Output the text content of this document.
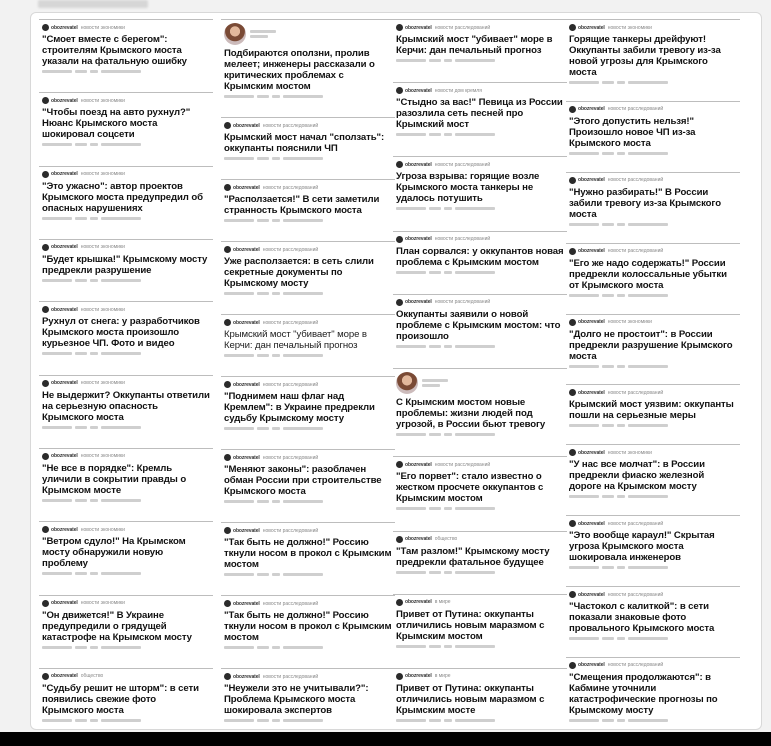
obozrevatel новости экономики

"Смоет вместе с берегом": строителям Крымского моста указали на фатальную ошибку

obozrevatel новости экономики

"Чтобы поезд на авто рухнул?" Нюанс Крымского моста шокировал соцсети

obozrevatel новости экономики

"Это ужасно": автор проектов Крымского моста предупредил об опасных нарушениях

obozrevatel новости экономики

"Будет крышка!" Крымскому мосту предрекли разрушение

obozrevatel новости экономики

Рухнул от снега: у разработчиков Крымского моста произошло курьезное ЧП. Фото и видео

obozrevatel новости экономики

Не выдержит? Оккупанты ответили на серьезную опасность Крымского моста

obozrevatel новости экономики

"Не все в порядке": Кремль уличили в сокрытии правды о Крымском мосте

obozrevatel новости экономики

"Ветром сдуло!" На Крымском мосту обнаружили новую проблему

obozrevatel новости экономики

"Он движется!" В Украине предупредили о грядущей катастрофе на Крымском мосту

obozrevatel общество

"Судьбу решит не шторм": в сети появились свежие фото Крымского моста

Подбираются оползни, пролив мелеет; инженеры рассказали о критических проблемах с Крымским мостом

obozrevatel новости расследований

Крымский мост начал "сползать": оккупанты пояснили ЧП

obozrevatel новости расследований

"Расползается!" В сети заметили странность Крымского моста

obozrevatel новости расследований

Уже расползается: в сеть слили секретные документы по Крымскому мосту

obozrevatel новости расследований

Крымский мост "убивает" море в Керчи: дан печальный прогноз

obozrevatel новости расследований

"Поднимем наш флаг над Кремлем": в Украине предрекли судьбу Крымскому мосту

obozrevatel новости расследований

"Меняют законы": разоблачен обман России при строительстве Крымского моста

obozrevatel новости расследований

"Так быть не должно!" Россию ткнули носом в прокол с Крымским мостом

obozrevatel новости расследований

"Так быть не должно!" Россию ткнули носом в прокол с Крымским мостом

obozrevatel новости расследований

"Неужели это не учитывали?": Проблема Крымского моста шокировала экспертов

obozrevatel новости расследований

Крымский мост "убивает" море в Керчи: дан печальный прогноз

obozrevatel новости дом кремля

"Стыдно за вас!" Певица из России разозлила сеть песней про Крымский мост

obozrevatel новости расследований

Угроза взрыва: горящие возле Крымского моста танкеры не удалось потушить

obozrevatel новости расследований

План сорвался: у оккупантов новая проблема с Крымским мостом

obozrevatel новости расследований

Оккупанты заявили о новой проблеме с Крымским мостом: что произошло

С Крымским мостом новые проблемы: жизни людей под угрозой, в России бьют тревогу

obozrevatel новости расследований

"Его порвет": стало известно о жестком просчете оккупантов с Крымским мостом

obozrevatel общество

"Там разлом!" Крымскому мосту предрекли фатальное будущее

obozrevatel в мире

Привет от Путина: оккупанты отличились новым маразмом с Крымским мостом

obozrevatel в мире

Привет от Путина: оккупанты отличились новым маразмом с Крымским мосте

obozrevatel новости экономики

Горящие танкеры дрейфуют! Оккупанты забили тревогу из-за новой угрозы для Крымского моста

obozrevatel новости расследований

"Этого допустить нельзя!" Произошло новое ЧП из-за Крымского моста

obozrevatel новости расследований

"Нужно разбирать!" В России забили тревогу из-за Крымского моста

obozrevatel новости расследований

"Его же надо содержать!" России предрекли колоссальные убытки от Крымского моста

obozrevatel новости экономики

"Долго не простоит": в России предрекли разрушение Крымского моста

obozrevatel новости расследований

Крымский мост уязвим: оккупанты пошли на серьезные меры

obozrevatel новости экономики

"У нас все молчат": в России предрекли фиаско железной дороге на Крымском мосту

obozrevatel новости расследований

"Это вообще караул!" Скрытая угроза Крымского моста шокировала инженеров

obozrevatel новости расследований

"Частокол с калиткой": в сети показали знаковые фото провального Крымского моста

obozrevatel новости расследований

"Смещения продолжаются": в Кабмине уточнили катастрофические прогнозы по Крымскому мосту
